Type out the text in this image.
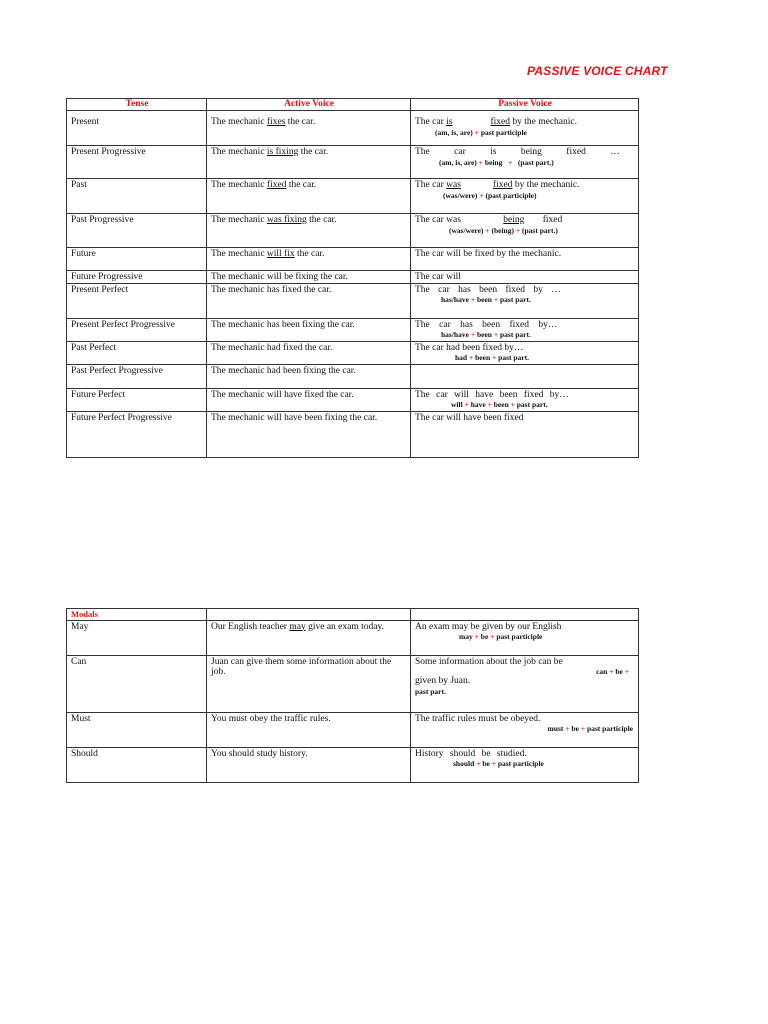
PASSIVE VOICE CHART
Tense	Active Voice	Passive Voice
Present	The mechanic fixes the car.	The car is fixed by the mechanic.
(am, is, are) + past participle

Present Progressive	The mechanic is fixing the car.	The car is being fixed …
(am, is, are) + being + (past part.)

Past	The mechanic fixed the car.	The car was fixed by the mechanic.
(was/were) + (past participle)

Past Progressive	The mechanic was fixing the car.	The car was being fixed
(was/were) + (being) + (past part.)

Future	The mechanic will fix the car.	The car will be fixed by the mechanic.
Future Progressive	The mechanic will be fixing the car.	The car will
Present Perfect	The mechanic has fixed the car.	The car has been fixed by …
has/have + been + past part.

Present Perfect Progressive	The mechanic has been fixing the car.	The car has been fixed by…
has/have + been + past part.

Past Perfect	The mechanic had fixed the car.	The car had been fixed by…
had + been + past part.

Past Perfect Progressive	The mechanic had been fixing the car.	
Future Perfect	The mechanic will have fixed the car.	The car will have been fixed by…
will + have + been + past part.

Future Perfect Progressive	The mechanic will have been fixing the car.	The car will have been fixed
Modals		
May	Our English teacher may give an exam today.	An exam may be given by our English
may + be + past participle

Can	Juan can give them some information about the job.	Some information about the job can be
can + be +
given by Juan.
past part.

Must	You must obey the traffic rules.	The traffic rules must be obeyed.
must + be + past participle

Should	You should study history.	History should be studied.
should + be + past participle
